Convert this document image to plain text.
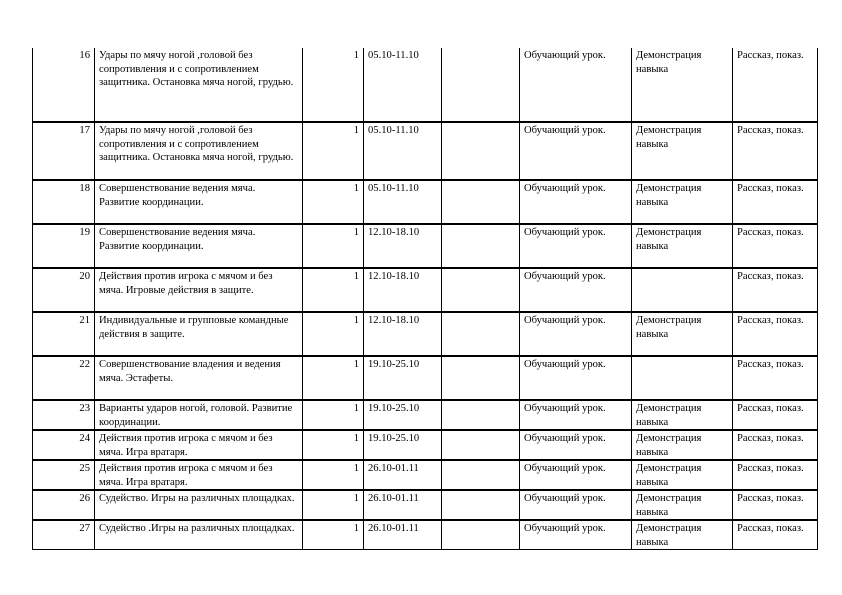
16	Удары по мячу ногой ,головой без сопротивления и с сопротивлением защитника. Остановка мяча ногой, грудью.	1	05.10-11.10		Обучающий урок.	Демонстрация навыка	Рассказ, показ.
17	Удары по мячу ногой ,головой без сопротивления и с сопротивлением защитника. Остановка мяча ногой, грудью.	1	05.10-11.10		Обучающий урок.	Демонстрация навыка	Рассказ, показ.
18	Совершенствование ведения мяча. Развитие координации.	1	05.10-11.10		Обучающий урок.	Демонстрация навыка	Рассказ, показ.
19	Совершенствование ведения мяча. Развитие координации.	1	12.10-18.10		Обучающий урок.	Демонстрация навыка	Рассказ, показ.
20	Действия против игрока с мячом и без мяча. Игровые действия в защите.	1	12.10-18.10		Обучающий урок.		Рассказ, показ.
21	Индивидуальные и групповые командные действия в защите.	1	12.10-18.10		Обучающий урок.	Демонстрация навыка	Рассказ, показ.
22	Совершенствование владения и ведения мяча. Эстафеты.	1	19.10-25.10		Обучающий урок.		Рассказ, показ.
23	Варианты ударов ногой, головой. Развитие координации.	1	19.10-25.10		Обучающий урок.	Демонстрация навыка	Рассказ, показ.
24	Действия против игрока с мячом и без мяча. Игра вратаря.	1	19.10-25.10		Обучающий урок.	Демонстрация навыка	Рассказ, показ.
25	Действия против игрока с мячом и без мяча. Игра вратаря.	1	26.10-01.11		Обучающий урок.	Демонстрация навыка	Рассказ, показ.
26	Судейство. Игры на различных площадках.	1	26.10-01.11		Обучающий урок.	Демонстрация навыка	Рассказ, показ.
27	Судейство .Игры на различных площадках.	1	26.10-01.11		Обучающий урок.	Демонстрация навыка	Рассказ, показ.
